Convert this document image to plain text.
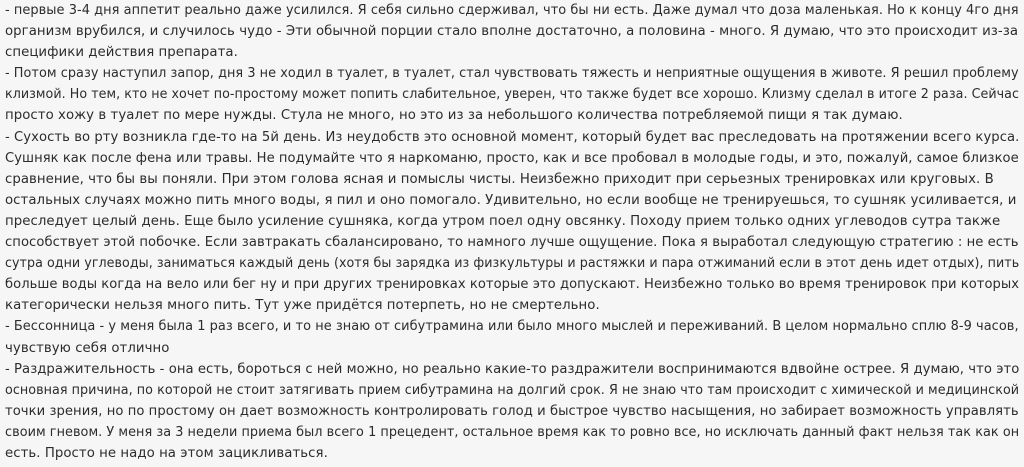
- первые 3-4 дня аппетит реально даже усилился. Я себя сильно сдерживал, что бы ни есть. Даже думал что доза маленькая. Но к концу 4го дня
организм врубился, и случилось чудо - Эти обычной порции стало вполне достаточно, а половина - много. Я думаю, что это происходит из-за
специфики действия препарата.
- Потом сразу наступил запор, дня 3 не ходил в туалет, в туалет, стал чувствовать тяжесть и неприятные ощущения в животе. Я решил проблему
клизмой. Но тем, кто не хочет по-простому может попить слабительное, уверен, что также будет все хорошо. Клизму сделал в итоге 2 раза. Сейчас
просто хожу в туалет по мере нужды. Стула не много, но это из за небольшого количества потребляемой пищи я так думаю.
- Сухость во рту возникла где-то на 5й день. Из неудобств это основной момент, который будет вас преследовать на протяжении всего курса.
Сушняк как после фена или травы. Не подумайте что я наркоманю, просто, как и все пробовал в молодые годы, и это, пожалуй, самое близкое
сравнение, что бы вы поняли. При этом голова ясная и помыслы чисты. Неизбежно приходит при серьезных тренировках или круговых. В
остальных случаях можно пить много воды, я пил и оно помогало. Удивительно, но если вообще не тренируешься, то сушняк усиливается, и
преследует целый день. Еще было усиление сушняка, когда утром поел одну овсянку. Походу прием только одних углеводов сутра также
способствует этой побочке. Если завтракать сбалансировано, то намного лучше ощущение. Пока я выработал следующую стратегию : не есть
сутра одни углеводы, заниматься каждый день (хотя бы зарядка из физкультуры и растяжки и пара отжиманий если в этот день идет отдых), пить
больше воды когда на вело или бег ну и при других тренировках которые это допускают. Неизбежно только во время тренировок при которых
категорически нельзя много пить. Тут уже придётся потерпеть, но не смертельно.
- Бессонница - у меня была 1 раз всего, и то не знаю от сибутрамина или было много мыслей и переживаний. В целом нормально сплю 8-9 часов,
чувствую себя отлично
- Раздражительность - она есть, бороться с ней можно, но реально какие-то раздражители воспринимаются вдвойне острее. Я думаю, что это
основная причина, по которой не стоит затягивать прием сибутрамина на долгий срок. Я не знаю что там происходит с химической и медицинской
точки зрения, но по простому он дает возможность контролировать голод и быстрое чувство насыщения, но забирает возможность управлять
своим гневом. У меня за 3 недели приема был всего 1 прецедент, остальное время как то ровно все, но исключать данный факт нельзя так как он
есть. Просто не надо на этом зацикливаться.
